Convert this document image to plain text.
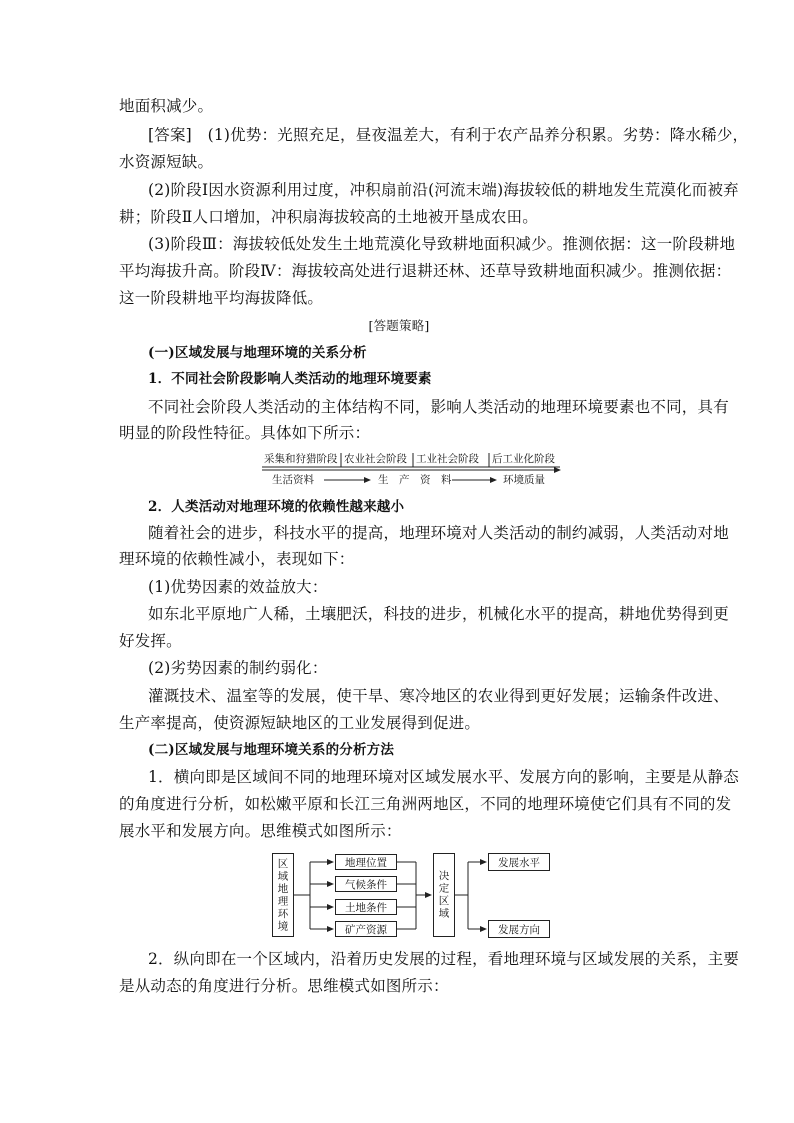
地面积减少。
[答案]　(1)优势：光照充足，昼夜温差大，有利于农产品养分积累。劣势：降水稀少，
水资源短缺。
(2)阶段Ⅰ因水资源利用过度，冲积扇前沿(河流末端)海拔较低的耕地发生荒漠化而被弃
耕；阶段Ⅱ人口增加，冲积扇海拔较高的土地被开垦成农田。
(3)阶段Ⅲ：海拔较低处发生土地荒漠化导致耕地面积减少。推测依据：这一阶段耕地
平均海拔升高。阶段Ⅳ：海拔较高处进行退耕还林、还草导致耕地面积减少。推测依据：
这一阶段耕地平均海拔降低。
[答题策略]
(一)区域发展与地理环境的关系分析
1．不同社会阶段影响人类活动的地理环境要素
不同社会阶段人类活动的主体结构不同，影响人类活动的地理环境要素也不同，具有
明显的阶段性特征。具体如下所示：
采集和狩猎阶段 农业社会阶段 工业社会阶段 后工业化阶段
生活资料	生　产　资　料	环境质量
2．人类活动对地理环境的依赖性越来越小
随着社会的进步，科技水平的提高，地理环境对人类活动的制约减弱，人类活动对地
理环境的依赖性减小，表现如下：
(1)优势因素的效益放大：
如东北平原地广人稀，土壤肥沃，科技的进步，机械化水平的提高，耕地优势得到更
好发挥。
(2)劣势因素的制约弱化：
灌溉技术、温室等的发展，使干旱、寒冷地区的农业得到更好发展；运输条件改进、
生产率提高，使资源短缺地区的工业发展得到促进。
(二)区域发展与地理环境关系的分析方法
1．横向即是区域间不同的地理环境对区域发展水平、发展方向的影响，主要是从静态
的角度进行分析，如松嫩平原和长江三角洲两地区，不同的地理环境使它们具有不同的发
展水平和发展方向。思维模式如图所示：
区域地理环境	地理位置
气候条件
土地条件
矿产资源
决定区域
发展水平
发展方向
2．纵向即在一个区域内，沿着历史发展的过程，看地理环境与区域发展的关系，主要
是从动态的角度进行分析。思维模式如图所示：
